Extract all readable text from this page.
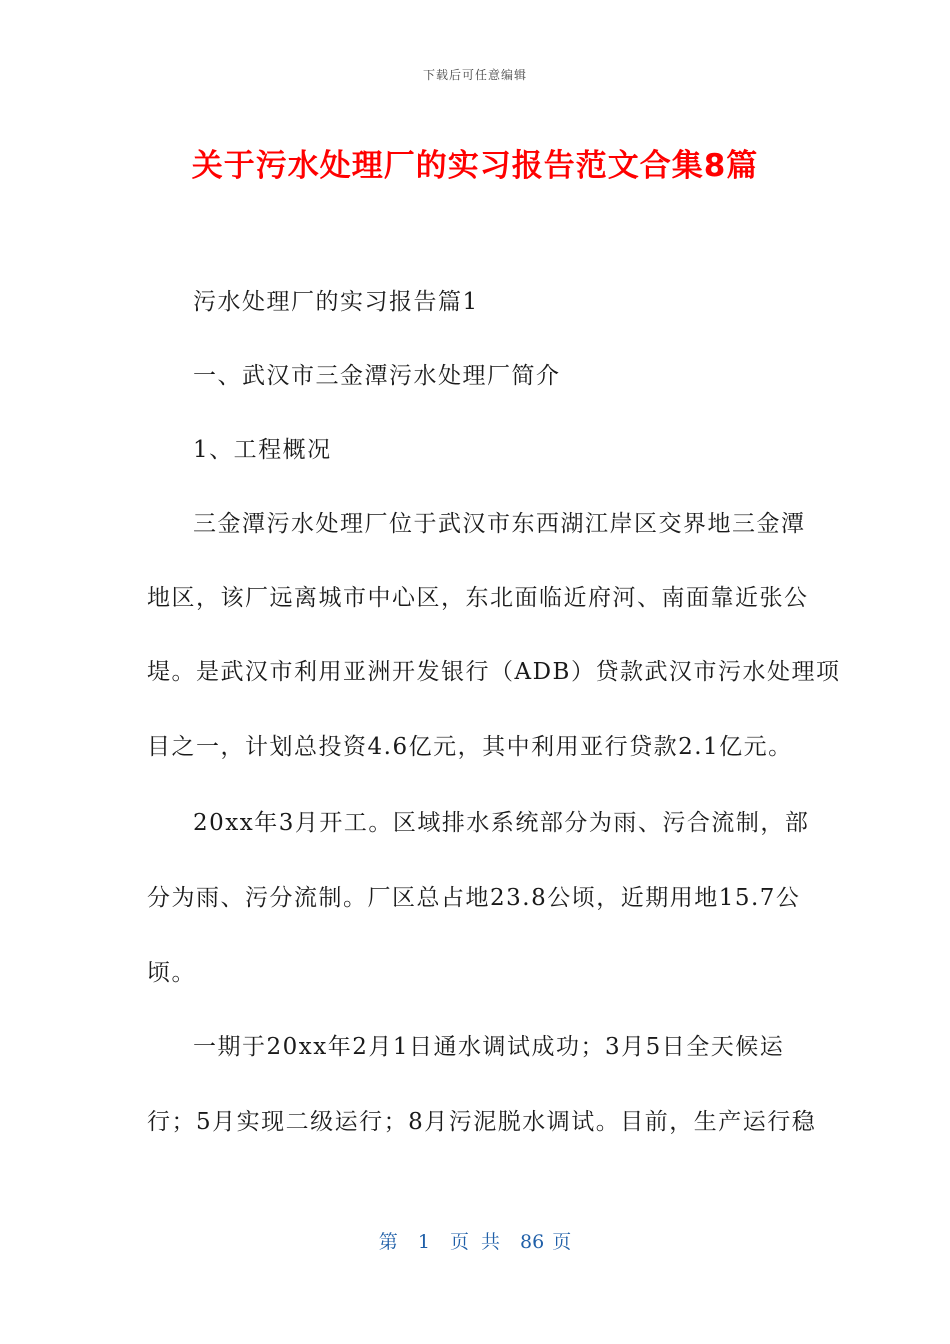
下载后可任意编辑
关于污水处理厂的实习报告范文合集8篇
污水处理厂的实习报告篇1
一、武汉市三金潭污水处理厂简介
1、工程概况
三金潭污水处理厂位于武汉市东西湖江岸区交界地三金潭
地区，该厂远离城市中心区，东北面临近府河、南面靠近张公
堤。是武汉市利用亚洲开发银行（ADB）贷款武汉市污水处理项
目之一，计划总投资4.6亿元，其中利用亚行贷款2.1亿元。
20xx年3月开工。区域排水系统部分为雨、污合流制，部
分为雨、污分流制。厂区总占地23.8公顷，近期用地15.7公
顷。
一期于20xx年2月1日通水调试成功；3月5日全天候运
行；5月实现二级运行；8月污泥脱水调试。目前，生产运行稳
第 1 页 共 86 页
